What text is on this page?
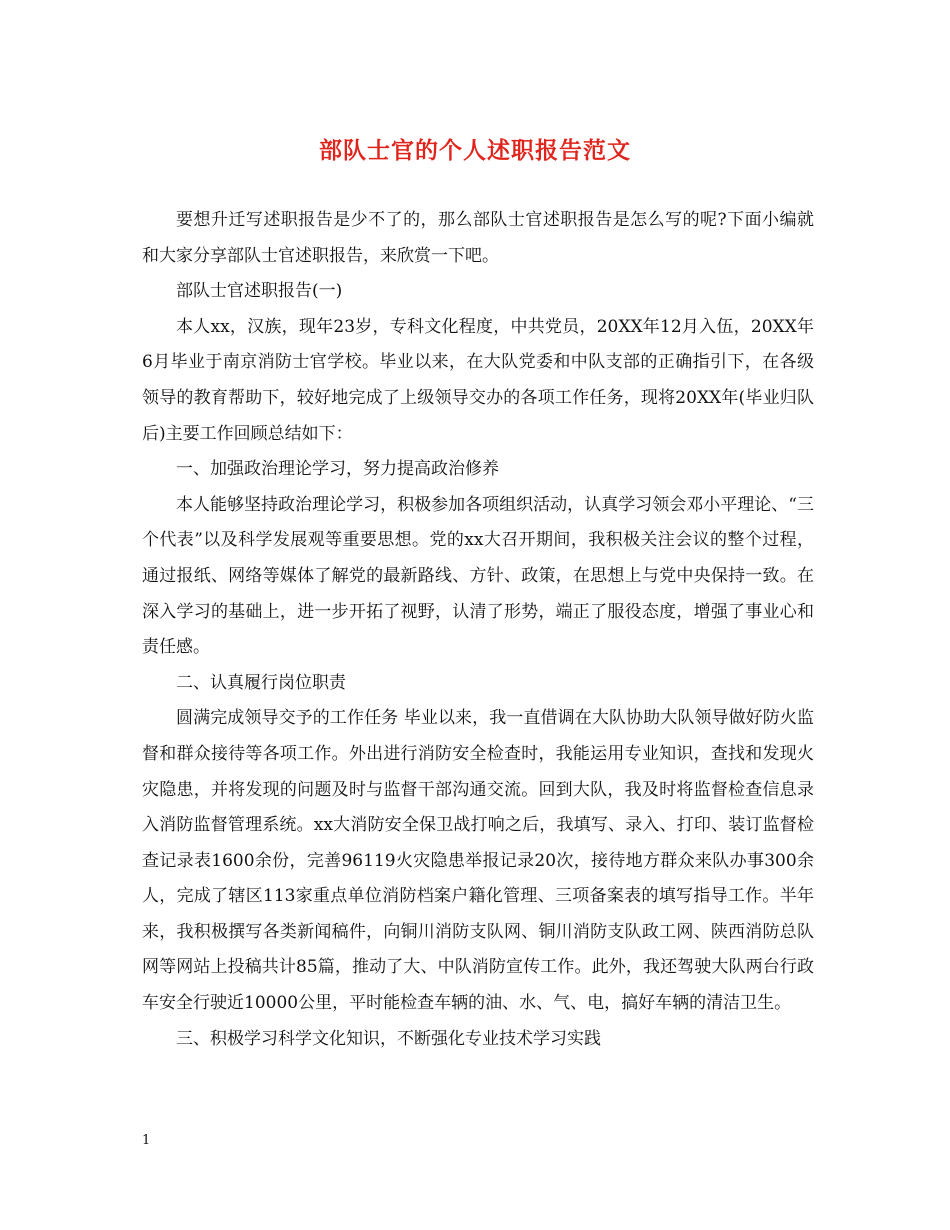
部队士官的个人述职报告范文

要想升迁写述职报告是少不了的，那么部队士官述职报告是怎么写的呢?下面小编就和大家分享部队士官述职报告，来欣赏一下吧。

部队士官述职报告(一)

本人xx，汉族，现年23岁，专科文化程度，中共党员，20XX年12月入伍，20XX年6月毕业于南京消防士官学校。毕业以来，在大队党委和中队支部的正确指引下，在各级领导的教育帮助下，较好地完成了上级领导交办的各项工作任务，现将20XX年(毕业归队后)主要工作回顾总结如下：

一、加强政治理论学习，努力提高政治修养

本人能够坚持政治理论学习，积极参加各项组织活动，认真学习领会邓小平理论、“三个代表”以及科学发展观等重要思想。党的xx大召开期间，我积极关注会议的整个过程，通过报纸、网络等媒体了解党的最新路线、方针、政策，在思想上与党中央保持一致。在深入学习的基础上，进一步开拓了视野，认清了形势，端正了服役态度，增强了事业心和责任感。

二、认真履行岗位职责

圆满完成领导交予的工作任务 毕业以来，我一直借调在大队协助大队领导做好防火监督和群众接待等各项工作。外出进行消防安全检查时，我能运用专业知识，查找和发现火灾隐患，并将发现的问题及时与监督干部沟通交流。回到大队，我及时将监督检查信息录入消防监督管理系统。xx大消防安全保卫战打响之后，我填写、录入、打印、装订监督检查记录表1600余份，完善96119火灾隐患举报记录20次，接待地方群众来队办事300余人，完成了辖区113家重点单位消防档案户籍化管理、三项备案表的填写指导工作。半年来，我积极撰写各类新闻稿件，向铜川消防支队网、铜川消防支队政工网、陕西消防总队网等网站上投稿共计85篇，推动了大、中队消防宣传工作。此外，我还驾驶大队两台行政车安全行驶近10000公里，平时能检查车辆的油、水、气、电，搞好车辆的清洁卫生。

三、积极学习科学文化知识，不断强化专业技术学习实践

1
